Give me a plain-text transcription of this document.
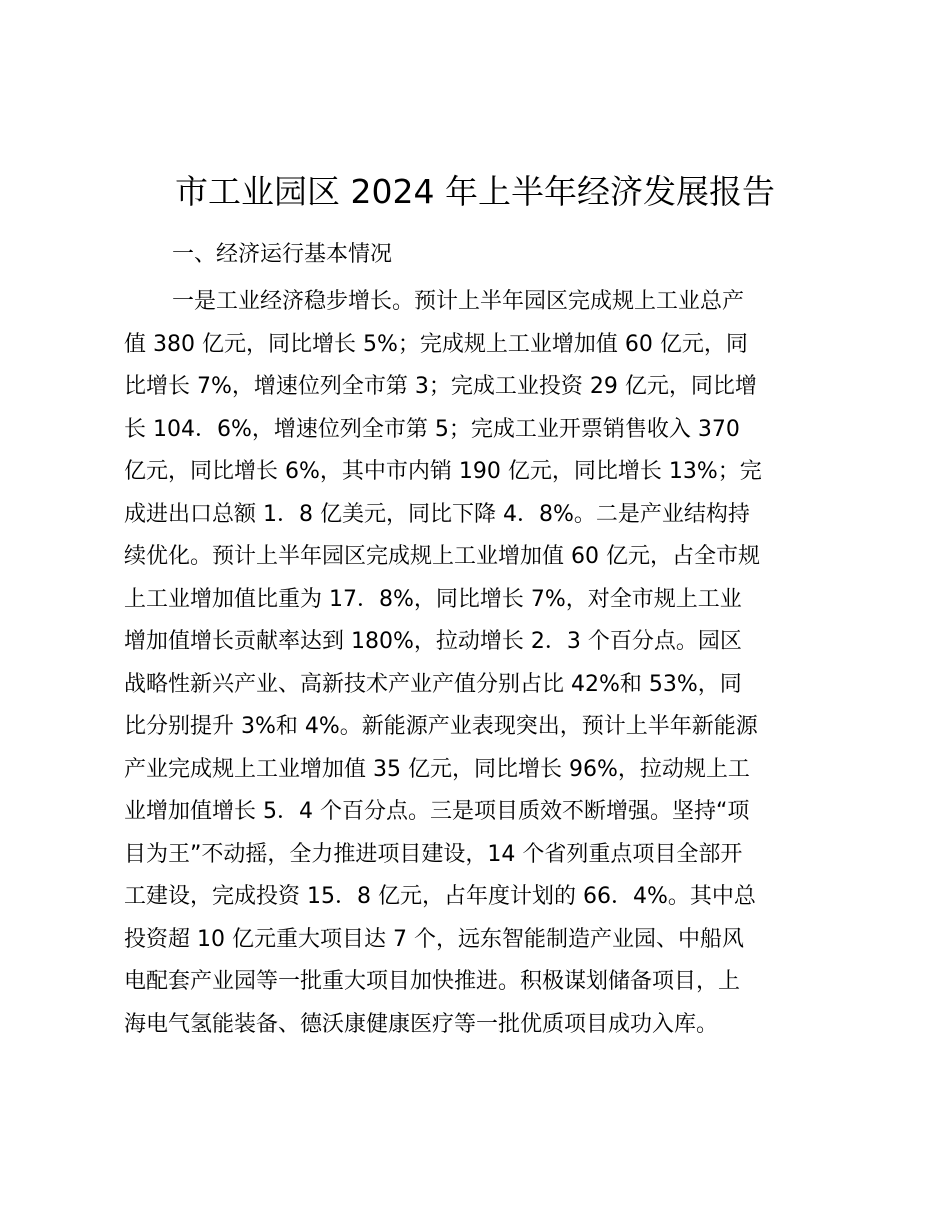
市工业园区 2024 年上半年经济发展报告
一、经济运行基本情况
一是工业经济稳步增长。预计上半年园区完成规上工业总产
值 380 亿元，同比增长 5%；完成规上工业增加值 60 亿元，同
比增长 7%，增速位列全市第 3；完成工业投资 29 亿元，同比增
长 104．6%，增速位列全市第 5；完成工业开票销售收入 370
亿元，同比增长 6%，其中市内销 190 亿元，同比增长 13%；完
成进出口总额 1．8 亿美元，同比下降 4．8%。二是产业结构持
续优化。预计上半年园区完成规上工业增加值 60 亿元，占全市规
上工业增加值比重为 17．8%，同比增长 7%，对全市规上工业
增加值增长贡献率达到 180%，拉动增长 2．3 个百分点。园区
战略性新兴产业、高新技术产业产值分别占比 42%和 53%，同
比分别提升 3%和 4%。新能源产业表现突出，预计上半年新能源
产业完成规上工业增加值 35 亿元，同比增长 96%，拉动规上工
业增加值增长 5．4 个百分点。三是项目质效不断增强。坚持“项
目为王”不动摇，全力推进项目建设，14 个省列重点项目全部开
工建设，完成投资 15．8 亿元，占年度计划的 66．4%。其中总
投资超 10 亿元重大项目达 7 个，远东智能制造产业园、中船风
电配套产业园等一批重大项目加快推进。积极谋划储备项目，上
海电气氢能装备、德沃康健康医疗等一批优质项目成功入库。
